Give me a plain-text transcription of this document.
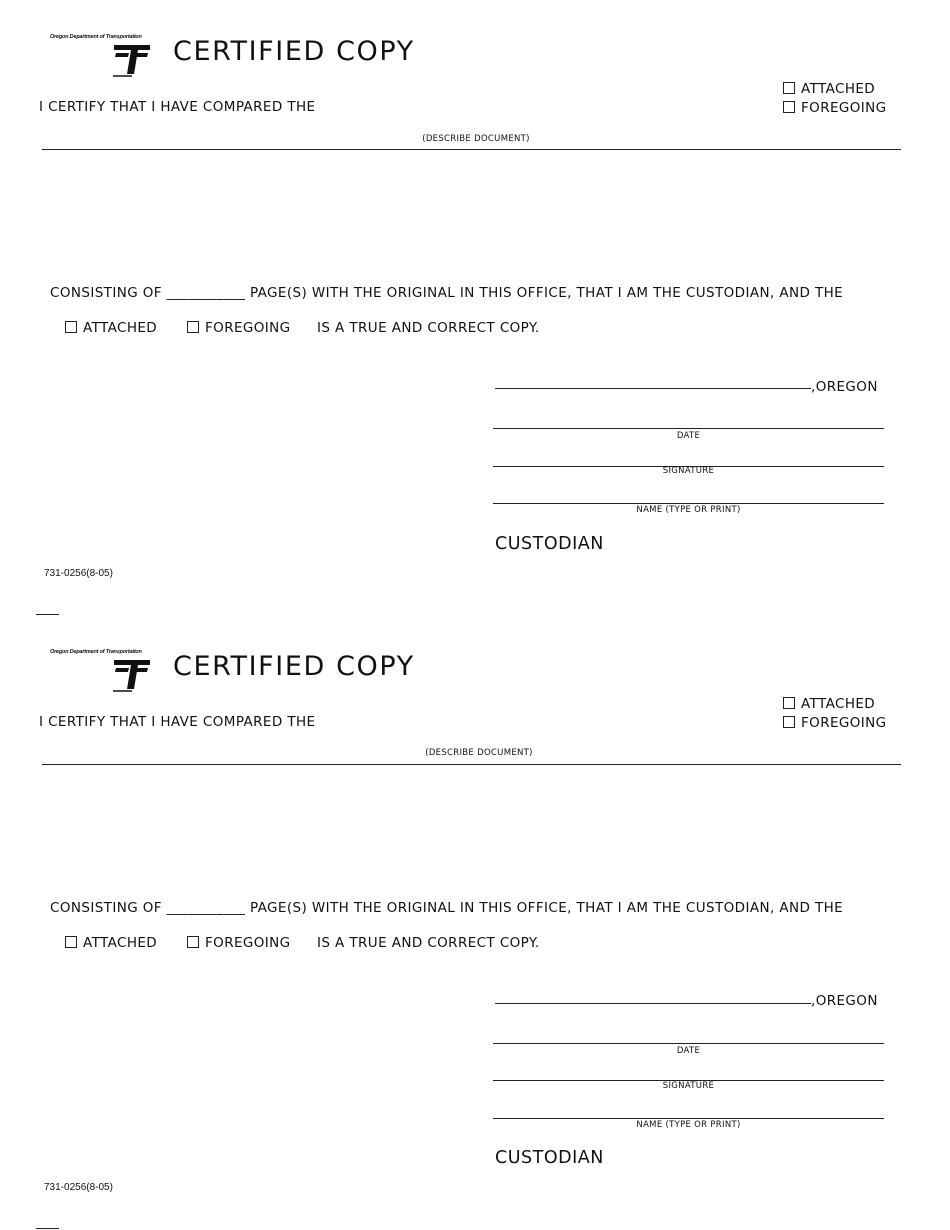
Oregon Department of Transportation CERTIFIED COPY
I CERTIFY THAT I HAVE COMPARED THE
ATTACHED
FOREGOING
(DESCRIBE DOCUMENT)
CONSISTING OF ___________ PAGE(S) WITH THE ORIGINAL IN THIS OFFICE, THAT I AM THE CUSTODIAN, AND THE
ATTACHED	FOREGOING IS A TRUE AND CORRECT COPY.
,OREGON
DATE
SIGNATURE
NAME (TYPE OR PRINT)
CUSTODIAN
731-0256(8-05)
Oregon Department of Transportation CERTIFIED COPY
I CERTIFY THAT I HAVE COMPARED THE
ATTACHED
FOREGOING
(DESCRIBE DOCUMENT)
CONSISTING OF ___________ PAGE(S) WITH THE ORIGINAL IN THIS OFFICE, THAT I AM THE CUSTODIAN, AND THE
ATTACHED	FOREGOING IS A TRUE AND CORRECT COPY.
,OREGON
DATE
SIGNATURE
NAME (TYPE OR PRINT)
CUSTODIAN
731-0256(8-05)
